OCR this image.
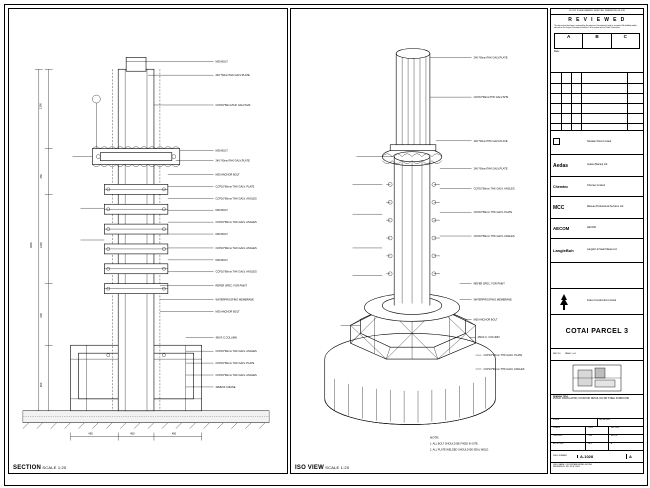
1200
450
2100
900
600
3600
450	450	450
M30 BOLT
240 *90mmTHK GALV.PLATE
CCP10*90mmTHK GALV.SHS
M30 BOLT
240 *90mmTHK GALV.PLATE
M30 ANCHOR BOLT
CCP10*90mm THK GALV. PLATE
CCP10*90mm THK GALV. ANGLES
M30 BOLT
CCP10*90mm THK GALV. ANGLES
M30 BOLT
CCP10*90mm THK GALV. ANGLES
M30 BOLT
CCP10*90mm THK GALV. ANGLES
REFER SPEC. FOR PAINT
WATERPROOFING MEMBRANE
M30 ANCHOR BOLT
450 R.C.COLUMN
CCP10*90mm THK GALV. ANGLES
CCP10*90mm THK GALV. PLATE
CCP10*90mm THK GALV. ANGLES
40MM R.C.BASE
SECTION SCALE 1:20
240 *90mmTHK GALV.PLATE
CCP10*90mmTHK GALV.SHS
240 *90mmTHK GALV.PLATE
240 *90mmTHK GALV.PLATE
CCP10*90mm THK GALV. ANGLES
CCP10*90mm THK GALV. PLATE
CCP10*90mm THK GALV. ANGLES
REFER SPEC. FOR PAINT
WATERPROOFING MEMBRANE
M30 ANCHOR BOLT
450 R.C. COLUMN
CCP10*90mm THK GALV. PLATE
CCP10*90mm THK GALV. ANGLES
NOTE:
1. ALL BOLT SHOULD BE FIXED IN SITE.
2. ALL PLATE WELDED SHOULD BE SEAL WELD.
ISO VIEW SCALE 1:20
DO NOT SCALE DRAWING. VERIFY ALL DIMENSIONS ON SITE
R E V I E W E D
This document has been reviewed by the relevant Consultant(s) and is accepted. No liability and/or referral to the Project Procedure Section 5.4 for action by the Trade Contractor.
A	B	C
Date :
Novatan Direct Limited
Aedas	Aedas (Macau) Ltd.
Chemtec	Chemtec Limited
MCC	Maceau Professional Services Ltd.
AECOM	AECOM
LangleBuh	Langdon & Seah Macau Ltd.
Fodes Construction Limited
COTAI PARCEL 3
REF. NO. PANEL 1 of 1
DRAWING TITLE
PUBLIC CIRCULATION, FOUNTAIN DETAIL 04 FOR STEEL SURROUND
SCALE	AS SHOWN
DRAWN	DWG	SEP 2009
CHECKED	CHK	SKC-01
APPROVED	APP	A
DWG. NUMBER	A-1028	A
DWG. NAME: C:\FOUNTAIN-DETAIL-04.DWG
REFERENCE: SKC FILE: DWG
